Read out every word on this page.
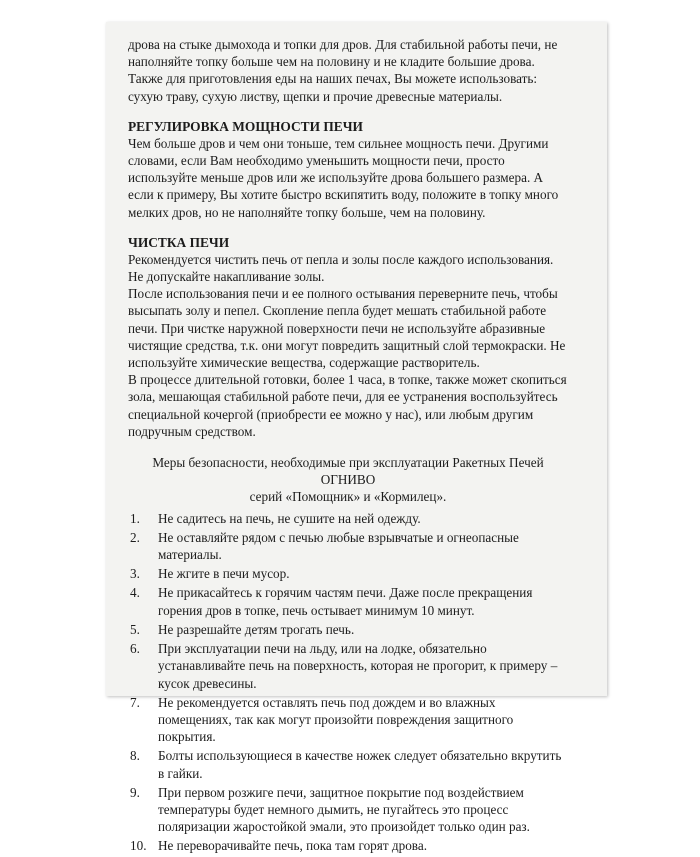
дрова на стыке дымохода и топки для дров. Для стабильной работы печи, не наполняйте топку больше чем на половину и не кладите большие дрова.

Также для приготовления еды на наших печах, Вы можете использовать: сухую траву, сухую листву, щепки и прочие древесные материалы.

РЕГУЛИРОВКА МОЩНОСТИ ПЕЧИ

Чем больше дров и чем они тоньше, тем сильнее мощность печи. Другими словами, если Вам необходимо уменьшить мощности печи, просто используйте меньше дров или же используйте дрова большего размера. А если к примеру, Вы хотите быстро вскипятить воду, положите в топку много мелких дров, но не наполняйте топку больше, чем на половину.

ЧИСТКА ПЕЧИ

Рекомендуется чистить печь от пепла и золы после каждого использования. Не допускайте накапливание золы.

После использования печи и ее полного остывания переверните печь, чтобы высыпать золу и пепел. Скопление пепла будет мешать стабильной работе печи. При чистке наружной поверхности печи не используйте абразивные чистящие средства, т.к. они могут повредить защитный слой термокраски. Не используйте химические вещества, содержащие растворитель.

В процессе длительной готовки, более 1 часа, в топке, также может скопиться зола, мешающая стабильной работе печи, для ее устранения воспользуйтесь специальной кочергой (приобрести ее можно у нас), или любым другим подручным средством.

Меры безопасности, необходимые при эксплуатации Ракетных Печей ОГНИВО
серий «Помощник» и «Кормилец».
1.	Не садитесь на печь, не сушите на ней одежду.
2.	Не оставляйте рядом с печью любые взрывчатые и огнеопасные материалы.
3.	Не жгите в печи мусор.
4.	Не прикасайтесь к горячим частям печи. Даже после прекращения горения дров в топке, печь остывает минимум 10 минут.
5.	Не разрешайте детям трогать печь.
6.	При эксплуатации печи на льду, или на лодке, обязательно устанавливайте печь на поверхность, которая не прогорит, к примеру – кусок древесины.
7.	Не рекомендуется оставлять печь под дождем и во влажных помещениях, так как могут произойти повреждения защитного покрытия.
8.	Болты использующиеся в качестве ножек следует обязательно вкрутить в гайки.
9.	При первом розжиге печи, защитное покрытие под воздействием температуры будет немного дымить, не пугайтесь это процесс поляризации жаростойкой эмали, это произойдет только один раз.
10. Не переворачивайте печь, пока там горят дрова.
